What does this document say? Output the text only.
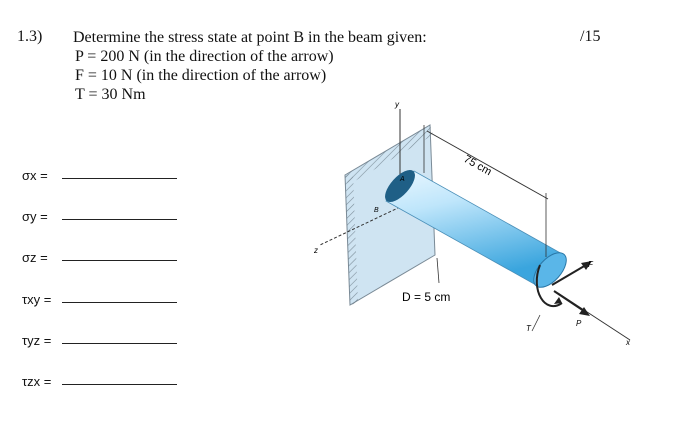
1.3) Determine the stress state at point B in the beam given:
P = 200 N (in the direction of the arrow)
F = 10 N (in the direction of the arrow)
T = 30 Nm
/15
σx =
σy =
σz =
τxy =
τyz =
τzx =
y
z
x
A
B
75 cm
D = 5 cm
T
F
P
